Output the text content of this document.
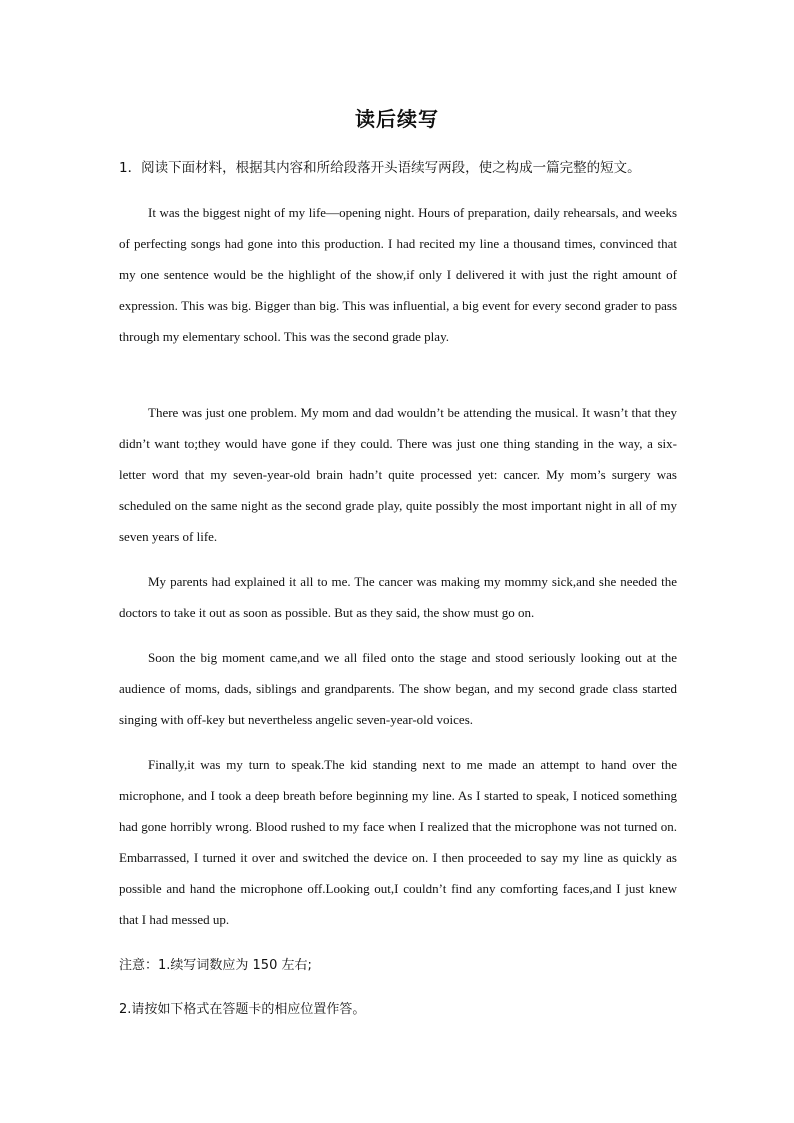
读后续写
1．阅读下面材料，根据其内容和所给段落开头语续写两段，使之构成一篇完整的短文。

It was the biggest night of my life—opening night. Hours of preparation, daily rehearsals, and weeks of perfecting songs had gone into this production. I had recited my line a thousand times, convinced that my one sentence would be the highlight of the show,if only I delivered it with just the right amount of expression. This was big. Bigger than big. This was influential, a big event for every second grader to pass through my elementary school. This was the second grade play.

There was just one problem. My mom and dad wouldn’t be attending the musical. It wasn’t that they didn’t want to;they would have gone if they could. There was just one thing standing in the way, a six-letter word that my seven-year-old brain hadn’t quite processed yet: cancer. My mom’s surgery was scheduled on the same night as the second grade play, quite possibly the most important night in all of my seven years of life.

My parents had explained it all to me. The cancer was making my mommy sick,and she needed the doctors to take it out as soon as possible. But as they said, the show must go on.

Soon the big moment came,and we all filed onto the stage and stood seriously looking out at the audience of moms, dads, siblings and grandparents. The show began, and my second grade class started singing with off-key but nevertheless angelic seven-year-old voices.

Finally,it was my turn to speak.The kid standing next to me made an attempt to hand over the microphone, and I took a deep breath before beginning my line. As I started to speak, I noticed something had gone horribly wrong. Blood rushed to my face when I realized that the microphone was not turned on. Embarrassed, I turned it over and switched the device on. I then proceeded to say my line as quickly as possible and hand the microphone off.Looking out,I couldn’t find any comforting faces,and I just knew that I had messed up.

注意：1.续写词数应为 150 左右;
2.请按如下格式在答题卡的相应位置作答。
